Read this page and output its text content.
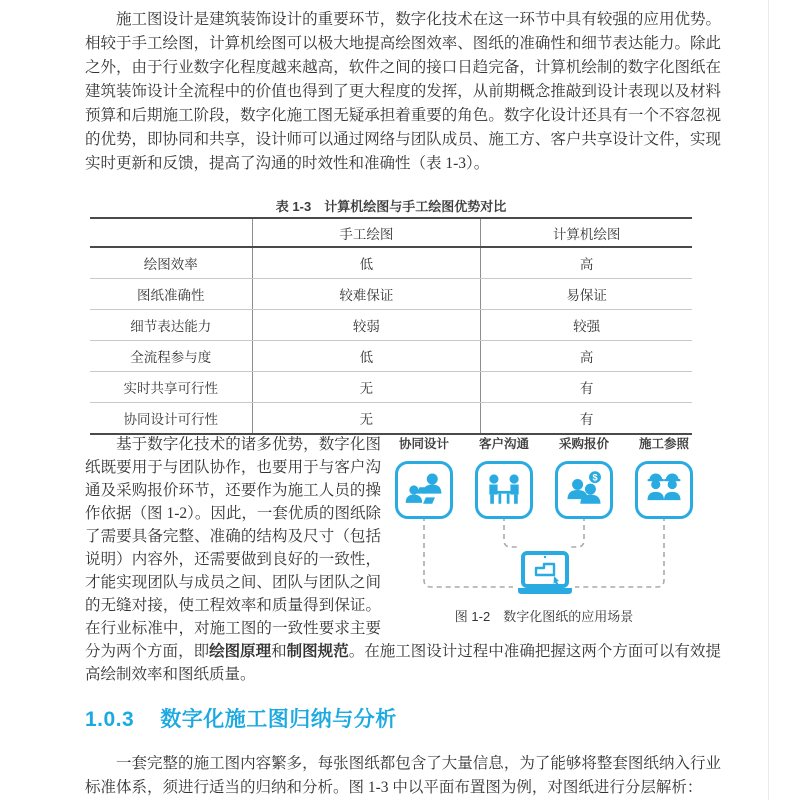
施工图设计是建筑装饰设计的重要环节，数字化技术在这一环节中具有较强的应用优势。相较于手工绘图，计算机绘图可以极大地提高绘图效率、图纸的准确性和细节表达能力。除此之外，由于行业数字化程度越来越高，软件之间的接口日趋完备，计算机绘制的数字化图纸在建筑装饰设计全流程中的价值也得到了更大程度的发挥，从前期概念推敲到设计表现以及材料预算和后期施工阶段，数字化施工图无疑承担着重要的角色。数字化设计还具有一个不容忽视的优势，即协同和共享，设计师可以通过网络与团队成员、施工方、客户共享设计文件，实现实时更新和反馈，提高了沟通的时效性和准确性（表 1-3）。

表 1-3　计算机绘图与手工绘图优势对比
	手工绘图	计算机绘图
绘图效率	低	高
图纸准确性	较难保证	易保证
细节表达能力	较弱	较强
全流程参与度	低	高
实时共享可行性	无	有
协同设计可行性	无	有
协同设计 客户沟通 采购报价
$
施工参照
图 1-2　数字化图纸的应用场景
基于数字化技术的诸多优势，数字化图纸既要用于与团队协作，也要用于与客户沟通及采购报价环节，还要作为施工人员的操作依据（图 1-2）。因此，一套优质的图纸除了需要具备完整、准确的结构及尺寸（包括说明）内容外，还需要做到良好的一致性，才能实现团队与成员之间、团队与团队之间的无缝对接，使工程效率和质量得到保证。在行业标准中，对施工图的一致性要求主要分为两个方面，即绘图原理和制图规范。在施工图设计过程中准确把握这两个方面可以有效提高绘制效率和图纸质量。
1.0.3 数字化施工图归纳与分析

一套完整的施工图内容繁多，每张图纸都包含了大量信息，为了能够将整套图纸纳入行业标准体系，须进行适当的归纳和分析。图 1-3 中以平面布置图为例，对图纸进行分层解析：
